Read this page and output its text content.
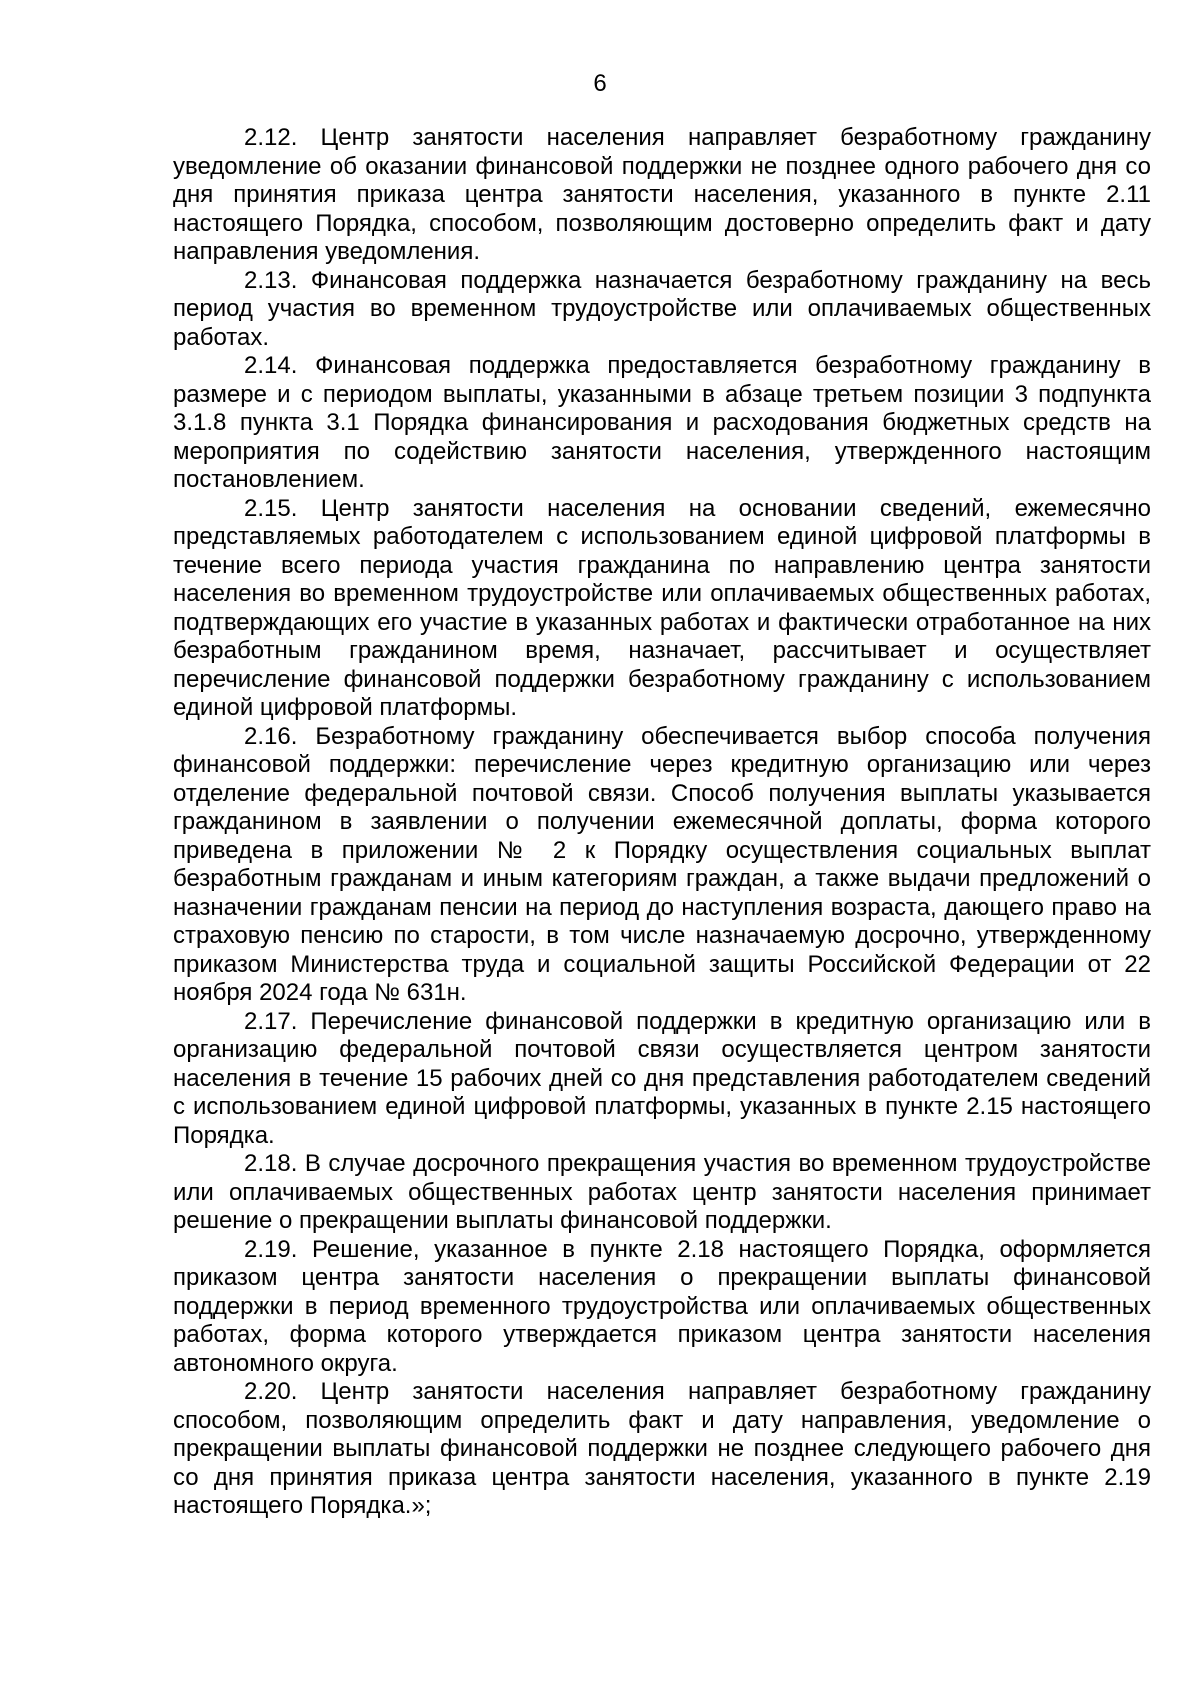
6

2.12. Центр занятости населения направляет безработному гражданину уведомление об оказании финансовой поддержки не позднее одного рабочего дня со дня принятия приказа центра занятости населения, указанного в пункте 2.11 настоящего Порядка, способом, позволяющим достоверно определить факт и дату направления уведомления.

2.13. Финансовая поддержка назначается безработному гражданину на весь период участия во временном трудоустройстве или оплачиваемых общественных работах.

2.14. Финансовая поддержка предоставляется безработному гражданину в размере и с периодом выплаты, указанными в абзаце третьем позиции 3 подпункта 3.1.8 пункта 3.1 Порядка финансирования и расходования бюджетных средств на мероприятия по содействию занятости населения, утвержденного настоящим постановлением.

2.15. Центр занятости населения на основании сведений, ежемесячно представляемых работодателем с использованием единой цифровой платформы в течение всего периода участия гражданина по направлению центра занятости населения во временном трудоустройстве или оплачиваемых общественных работах, подтверждающих его участие в указанных работах и фактически отработанное на них безработным гражданином время, назначает, рассчитывает и осуществляет перечисление финансовой поддержки безработному гражданину с использованием единой цифровой платформы.

2.16. Безработному гражданину обеспечивается выбор способа получения финансовой поддержки: перечисление через кредитную организацию или через отделение федеральной почтовой связи. Способ получения выплаты указывается гражданином в заявлении о получении ежемесячной доплаты, форма которого приведена в приложении № 2 к Порядку осуществления социальных выплат безработным гражданам и иным категориям граждан, а также выдачи предложений о назначении гражданам пенсии на период до наступления возраста, дающего право на страховую пенсию по старости, в том числе назначаемую досрочно, утвержденному приказом Министерства труда и социальной защиты Российской Федерации от 22 ноября 2024 года № 631н.

2.17. Перечисление финансовой поддержки в кредитную организацию или в организацию федеральной почтовой связи осуществляется центром занятости населения в течение 15 рабочих дней со дня представления работодателем сведений с использованием единой цифровой платформы, указанных в пункте 2.15 настоящего Порядка.

2.18. В случае досрочного прекращения участия во временном трудоустройстве или оплачиваемых общественных работах центр занятости населения принимает решение о прекращении выплаты финансовой поддержки.

2.19. Решение, указанное в пункте 2.18 настоящего Порядка, оформляется приказом центра занятости населения о прекращении выплаты финансовой поддержки в период временного трудоустройства или оплачиваемых общественных работах, форма которого утверждается приказом центра занятости населения автономного округа.

2.20. Центр занятости населения направляет безработному гражданину способом, позволяющим определить факт и дату направления, уведомление о прекращении выплаты финансовой поддержки не позднее следующего рабочего дня со дня принятия приказа центра занятости населения, указанного в пункте 2.19 настоящего Порядка.»;
